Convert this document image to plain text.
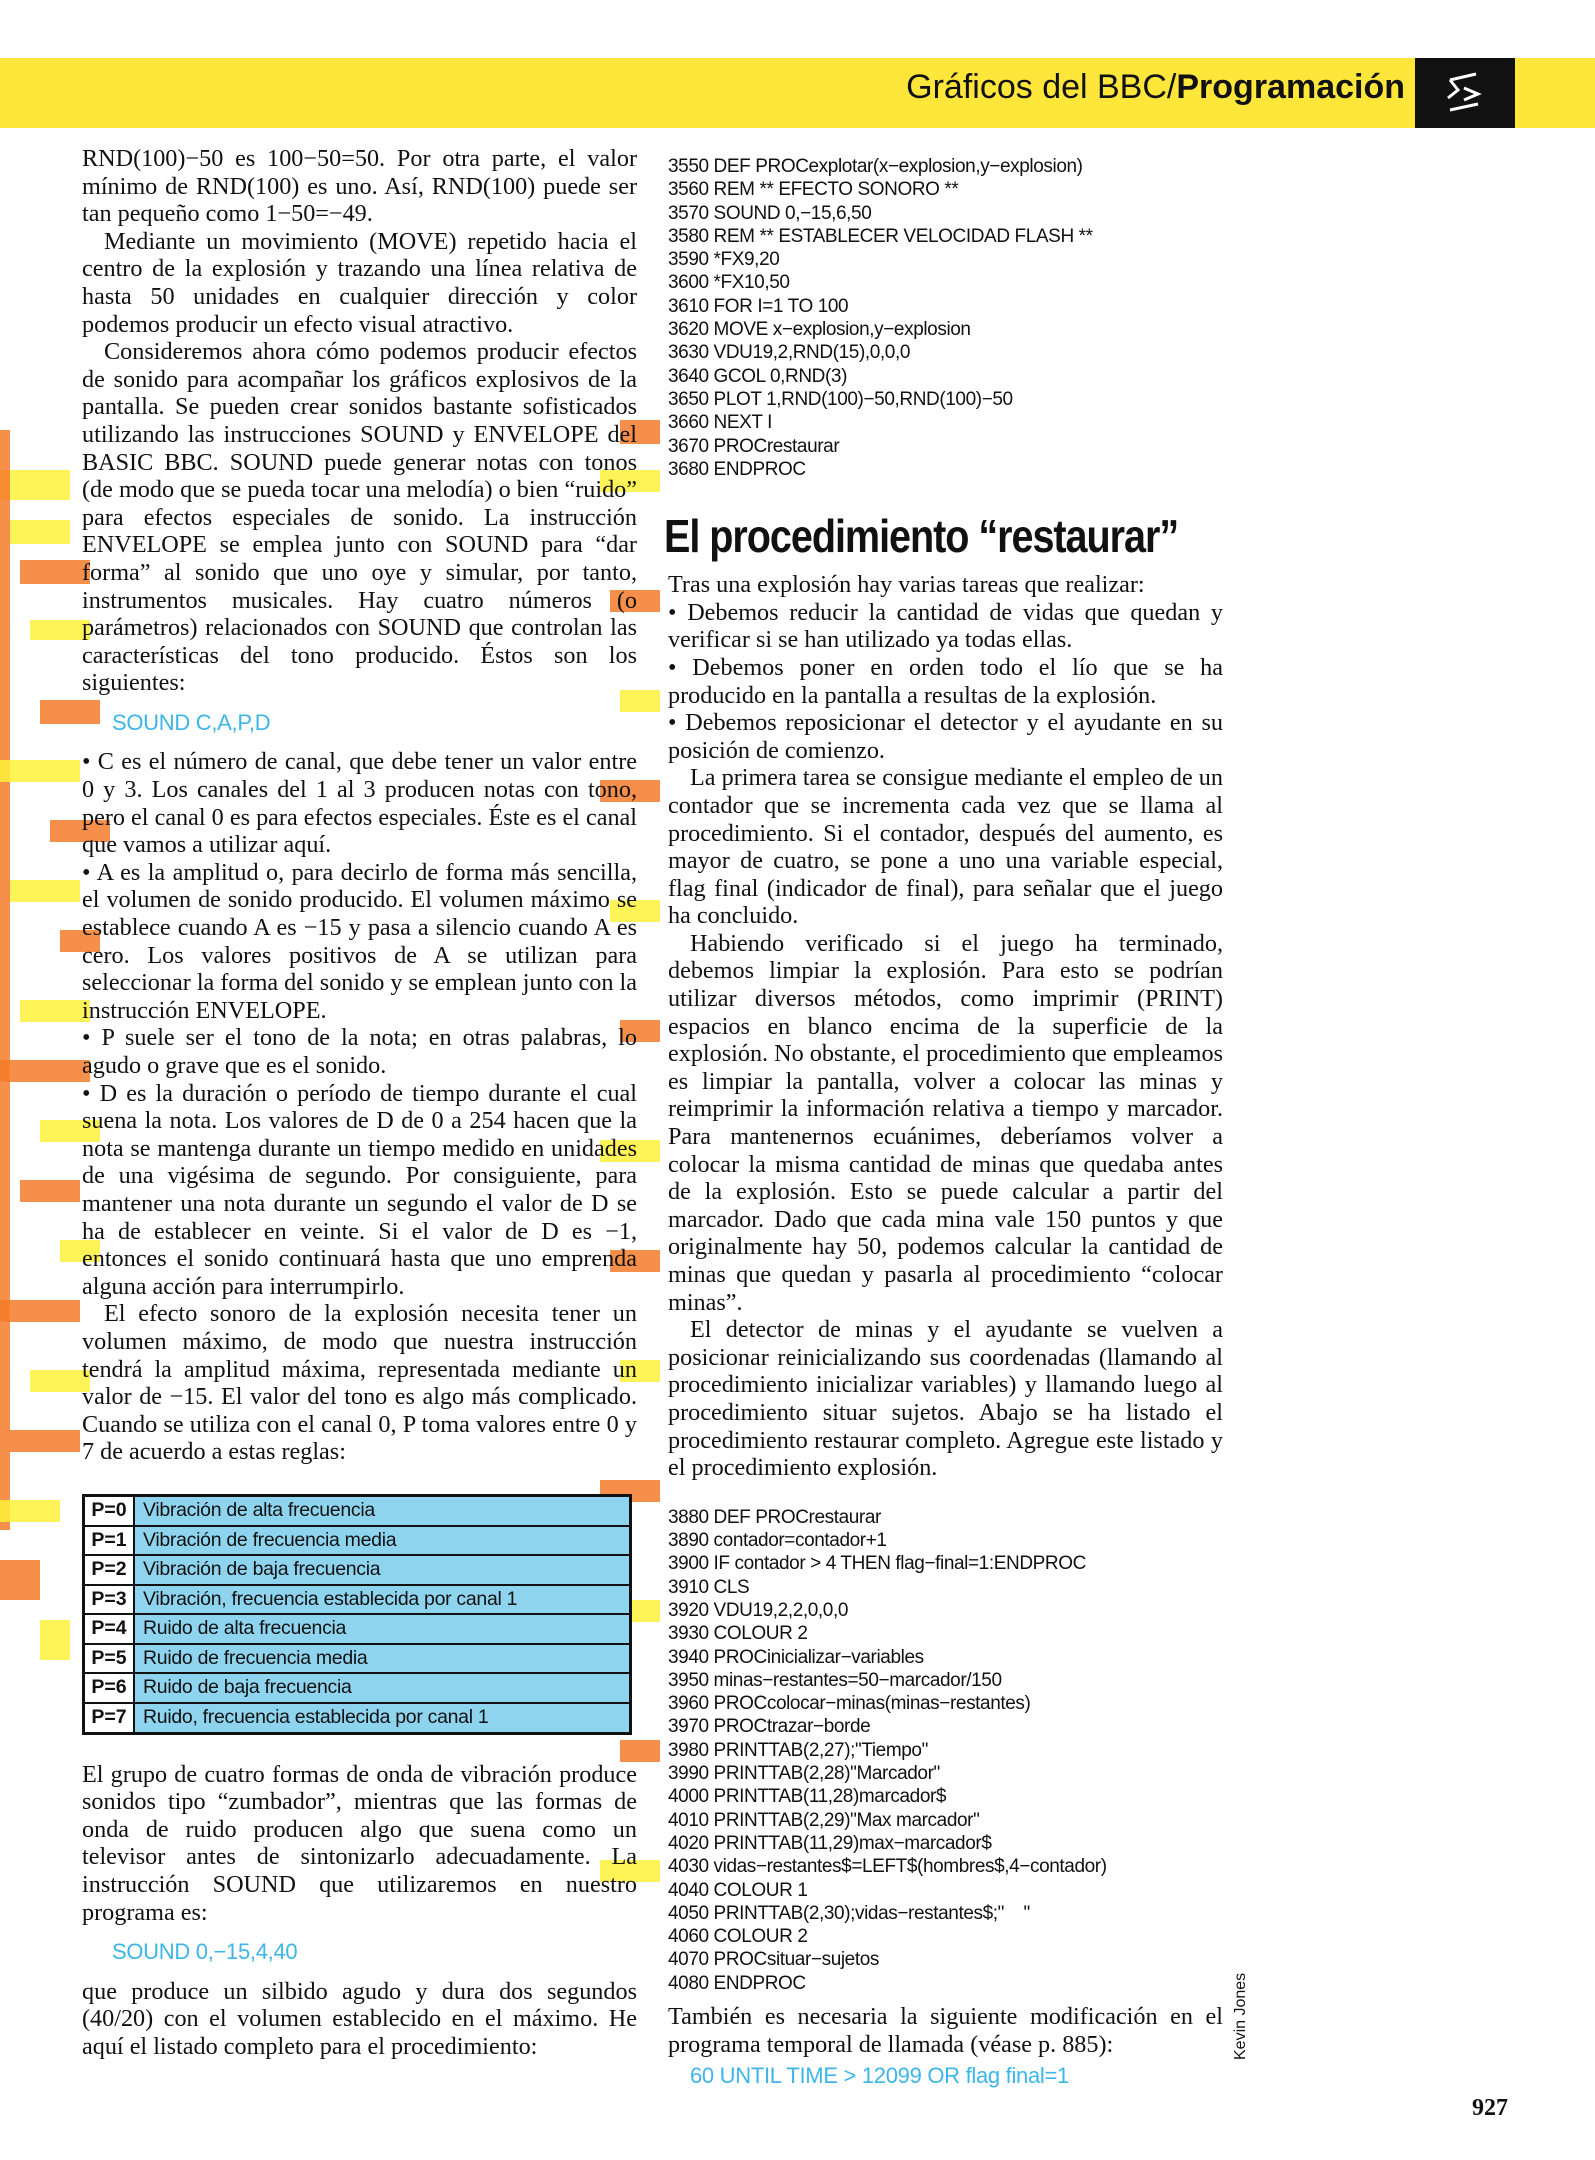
Gráficos del BBC/Programación

RND(100)−50 es 100−50=50. Por otra parte, el valor mínimo de RND(100) es uno. Así, RND(100) puede ser tan pequeño como 1−50=−49.

Mediante un movimiento (MOVE) repetido hacia el centro de la explosión y trazando una línea relativa de hasta 50 unidades en cualquier dirección y color podemos producir un efecto visual atractivo.

Consideremos ahora cómo podemos producir efectos de sonido para acompañar los gráficos explosivos de la pantalla. Se pueden crear sonidos bastante sofisticados utilizando las instrucciones SOUND y ENVELOPE del BASIC BBC. SOUND puede generar notas con tonos (de modo que se pueda tocar una melodía) o bien “ruido” para efectos especiales de sonido. La instrucción ENVELOPE se emplea junto con SOUND para “dar forma” al sonido que uno oye y simular, por tanto, instrumentos musicales. Hay cuatro números (o parámetros) relacionados con SOUND que controlan las características del tono producido. Éstos son los siguientes:

SOUND C,A,P,D

• C es el número de canal, que debe tener un valor entre 0 y 3. Los canales del 1 al 3 producen notas con tono, pero el canal 0 es para efectos especiales. Éste es el canal que vamos a utilizar aquí.

• A es la amplitud o, para decirlo de forma más sencilla, el volumen de sonido producido. El volumen máximo se establece cuando A es −15 y pasa a silencio cuando A es cero. Los valores positivos de A se utilizan para seleccionar la forma del sonido y se emplean junto con la instrucción ENVELOPE.

• P suele ser el tono de la nota; en otras palabras, lo agudo o grave que es el sonido.

• D es la duración o período de tiempo durante el cual suena la nota. Los valores de D de 0 a 254 hacen que la nota se mantenga durante un tiempo medido en unidades de una vigésima de segundo. Por consiguiente, para mantener una nota durante un segundo el valor de D se ha de establecer en veinte. Si el valor de D es −1, entonces el sonido continuará hasta que uno emprenda alguna acción para interrumpirlo.

El efecto sonoro de la explosión necesita tener un volumen máximo, de modo que nuestra instrucción tendrá la amplitud máxima, representada mediante un valor de −15. El valor del tono es algo más complicado. Cuando se utiliza con el canal 0, P toma valores entre 0 y 7 de acuerdo a estas reglas:

P=0	Vibración de alta frecuencia
P=1	Vibración de frecuencia media
P=2	Vibración de baja frecuencia
P=3	Vibración, frecuencia establecida por canal 1
P=4	Ruido de alta frecuencia
P=5	Ruido de frecuencia media
P=6	Ruido de baja frecuencia
P=7	Ruido, frecuencia establecida por canal 1

El grupo de cuatro formas de onda de vibración produce sonidos tipo “zumbador”, mientras que las formas de onda de ruido producen algo que suena como un televisor antes de sintonizarlo adecuadamente. La instrucción SOUND que utilizaremos en nuestro programa es:

SOUND 0,−15,4,40

que produce un silbido agudo y dura dos segundos (40/20) con el volumen establecido en el máximo. He aquí el listado completo para el procedimiento:

3550 DEF PROCexplotar(x−explosion,y−explosion)
3560 REM ** EFECTO SONORO **
3570 SOUND 0,−15,6,50
3580 REM ** ESTABLECER VELOCIDAD FLASH **
3590 *FX9,20
3600 *FX10,50
3610 FOR I=1 TO 100
3620 MOVE x−explosion,y−explosion
3630 VDU19,2,RND(15),0,0,0
3640 GCOL 0,RND(3)
3650 PLOT 1,RND(100)−50,RND(100)−50
3660 NEXT I
3670 PROCrestaurar
3680 ENDPROC
El procedimiento “restaurar”

Tras una explosión hay varias tareas que realizar:

• Debemos reducir la cantidad de vidas que quedan y verificar si se han utilizado ya todas ellas.

• Debemos poner en orden todo el lío que se ha producido en la pantalla a resultas de la explosión.

• Debemos reposicionar el detector y el ayudante en su posición de comienzo.

La primera tarea se consigue mediante el empleo de un contador que se incrementa cada vez que se llama al procedimiento. Si el contador, después del aumento, es mayor de cuatro, se pone a uno una variable especial, flag final (indicador de final), para señalar que el juego ha concluido.

Habiendo verificado si el juego ha terminado, debemos limpiar la explosión. Para esto se podrían utilizar diversos métodos, como imprimir (PRINT) espacios en blanco encima de la superficie de la explosión. No obstante, el procedimiento que empleamos es limpiar la pantalla, volver a colocar las minas y reimprimir la información relativa a tiempo y marcador. Para mantenernos ecuánimes, deberíamos volver a colocar la misma cantidad de minas que quedaba antes de la explosión. Esto se puede calcular a partir del marcador. Dado que cada mina vale 150 puntos y que originalmente hay 50, podemos calcular la cantidad de minas que quedan y pasarla al procedimiento “colocar minas”.

El detector de minas y el ayudante se vuelven a posicionar reinicializando sus coordenadas (llamando al procedimiento inicializar variables) y llamando luego al procedimiento situar sujetos. Abajo se ha listado el procedimiento restaurar completo. Agregue este listado y el procedimiento explosión.

3880 DEF PROCrestaurar
3890 contador=contador+1
3900 IF contador > 4 THEN flag−final=1:ENDPROC
3910 CLS
3920 VDU19,2,2,0,0,0
3930 COLOUR 2
3940 PROCinicializar−variables
3950 minas−restantes=50−marcador/150
3960 PROCcolocar−minas(minas−restantes)
3970 PROCtrazar−borde
3980 PRINTTAB(2,27);"Tiempo"
3990 PRINTTAB(2,28)"Marcador"
4000 PRINTTAB(11,28)marcador$
4010 PRINTTAB(2,29)"Max marcador"
4020 PRINTTAB(11,29)max−marcador$
4030 vidas−restantes$=LEFT$(hombres$,4−contador)
4040 COLOUR 1
4050 PRINTTAB(2,30);vidas−restantes$;"    "
4060 COLOUR 2
4070 PROCsituar−sujetos
4080 ENDPROC

También es necesaria la siguiente modificación en el programa temporal de llamada (véase p. 885):

60 UNTIL TIME > 12099 OR flag final=1
Kevin Jones
927
